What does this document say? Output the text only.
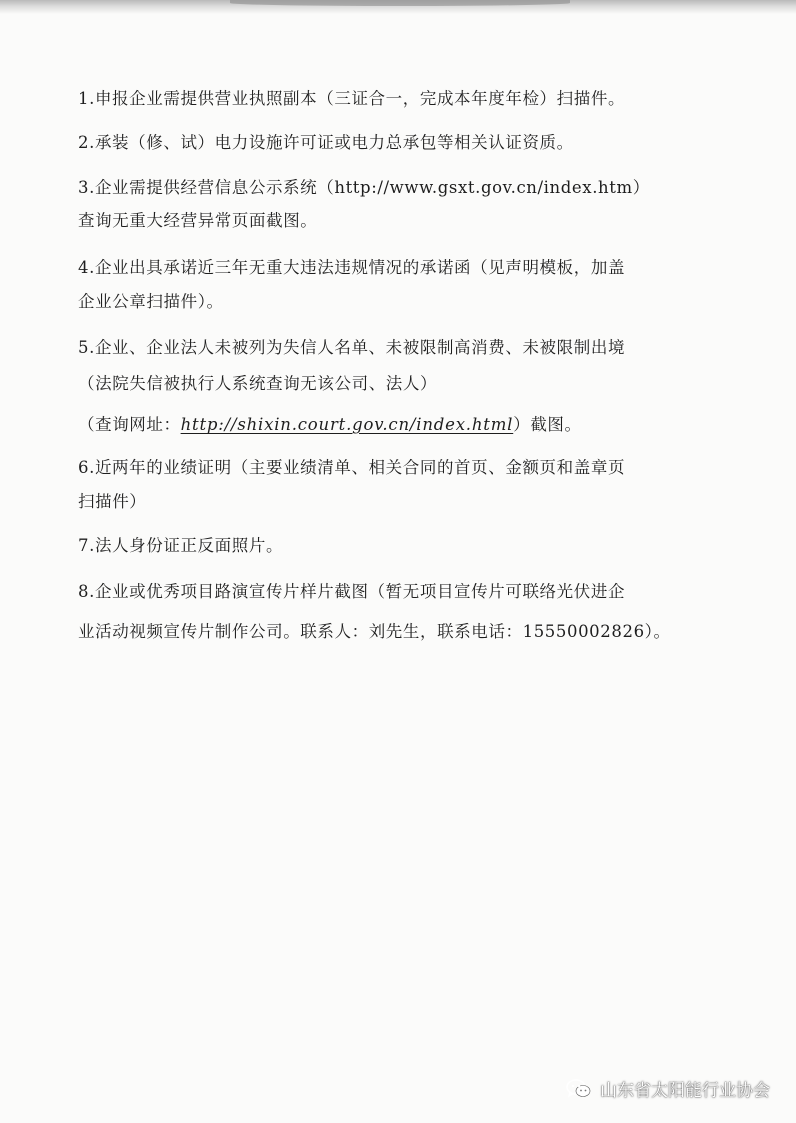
1.申报企业需提供营业执照副本（三证合一，完成本年度年检）扫描件。
2.承装（修、试）电力设施许可证或电力总承包等相关认证资质。
3.企业需提供经营信息公示系统（http://www.gsxt.gov.cn/index.htm）
查询无重大经营异常页面截图。
4.企业出具承诺近三年无重大违法违规情况的承诺函（见声明模板，加盖
企业公章扫描件）。
5.企业、企业法人未被列为失信人名单、未被限制高消费、未被限制出境
（法院失信被执行人系统查询无该公司、法人）
（查询网址：http://shixin.court.gov.cn/index.html）截图。
6.近两年的业绩证明（主要业绩清单、相关合同的首页、金额页和盖章页
扫描件）
7.法人身份证正反面照片。
8.企业或优秀项目路演宣传片样片截图（暂无项目宣传片可联络光伏进企
业活动视频宣传片制作公司。联系人：刘先生，联系电话：15550002826）。
山东省太阳能行业协会
